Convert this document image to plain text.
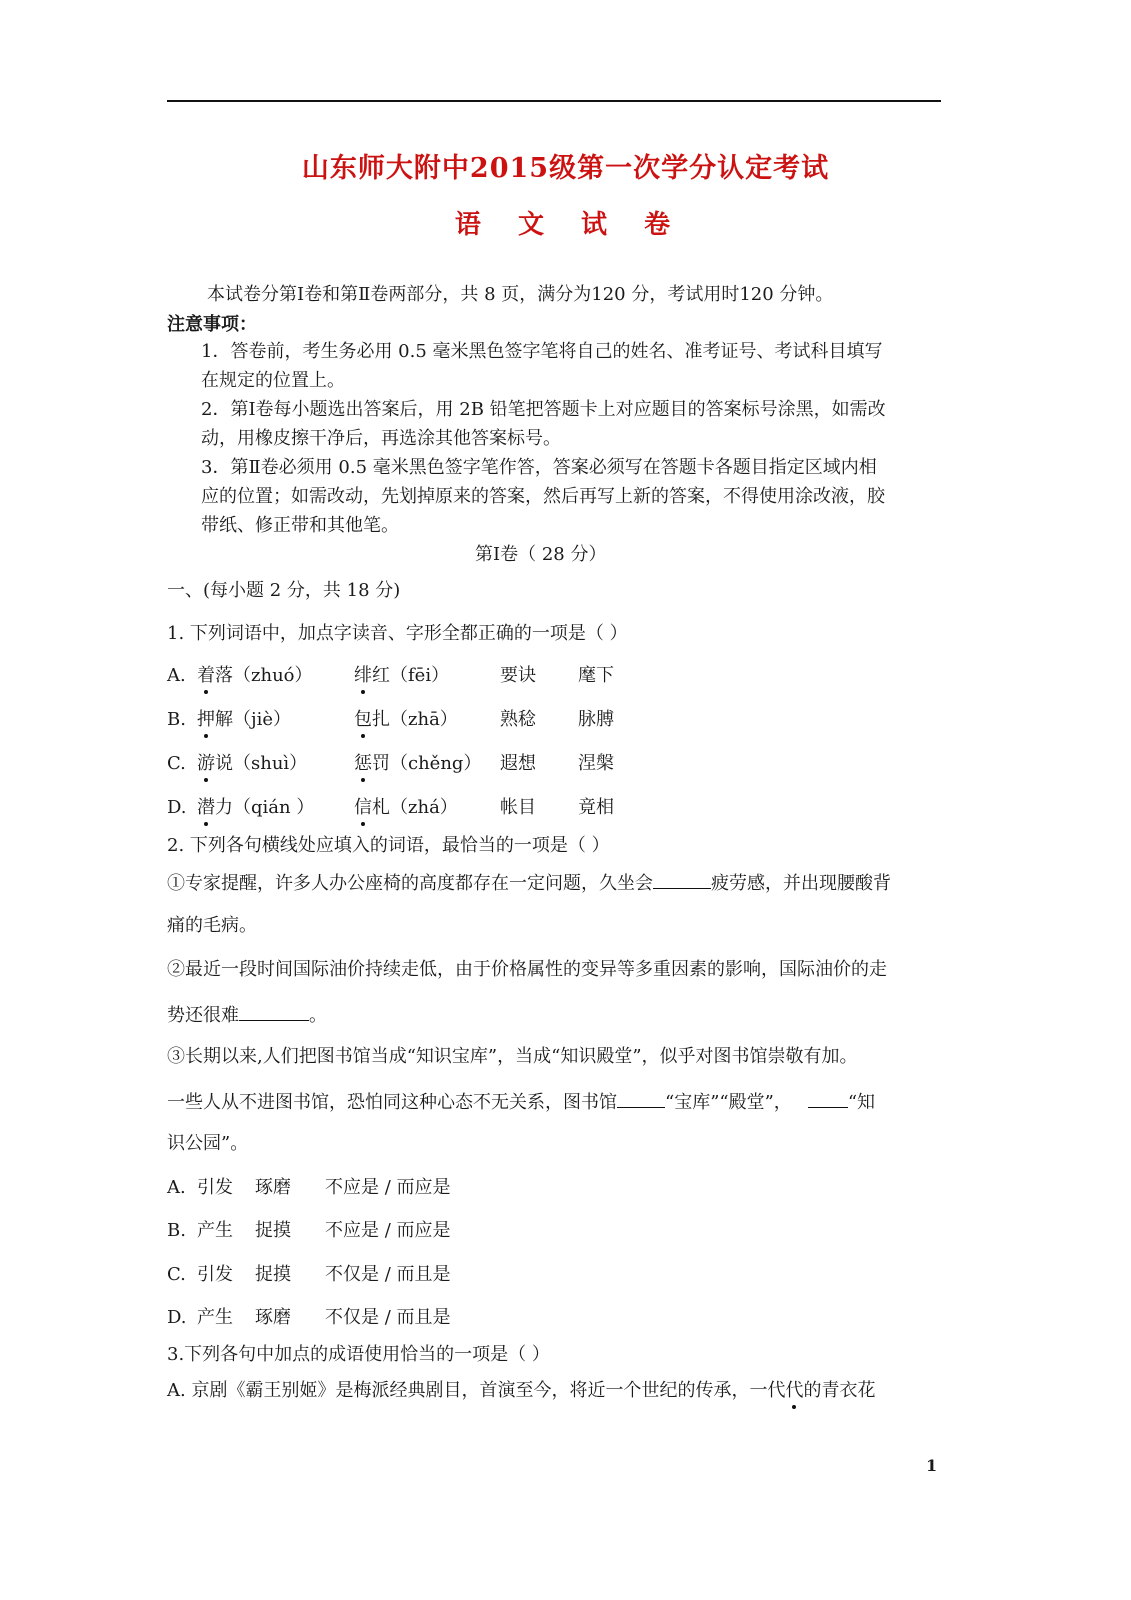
山东师大附中2015级第一次学分认定考试
语 文 试 卷
本试卷分第Ⅰ卷和第Ⅱ卷两部分，共 8 页，满分为120 分，考试用时120 分钟。
注意事项：
1．答卷前，考生务必用 0.5 毫米黑色签字笔将自己的姓名、准考证号、考试科目填写
在规定的位置上。
2．第Ⅰ卷每小题选出答案后，用 2B 铅笔把答题卡上对应题目的答案标号涂黑，如需改
动，用橡皮擦干净后，再选涂其他答案标号。
3．第Ⅱ卷必须用 0.5 毫米黑色签字笔作答，答案必须写在答题卡各题目指定区域内相
应的位置；如需改动，先划掉原来的答案，然后再写上新的答案，不得使用涂改液，胶
带纸、修正带和其他笔。
第Ⅰ卷（ 28 分）
一、(每小题 2 分，共 18 分)
1. 下列词语中，加点字读音、字形全都正确的一项是（ ）
A. 着落（zhuó） 绯红（fēi）	要诀 麾下
B. 押解（jiè）	包扎（zhā） 熟稔 脉膊
C. 游说（shuì）	惩罚（chěng） 遐想 涅槃
D. 潜力（qián ） 信札（zhá） 帐目 竟相
2. 下列各句横线处应填入的词语，最恰当的一项是（ ）
①专家提醒，许多人办公座椅的高度都存在一定问题，久坐会	疲劳感，并出现腰酸背
痛的毛病。
②最近一段时间国际油价持续走低，由于价格属性的变异等多重因素的影响，国际油价的走
势还很难	。
③长期以来,人们把图书馆当成“知识宝库”，当成“知识殿堂”，似乎对图书馆崇敬有加。
一些人从不进图书馆，恐怕同这种心态不无关系，图书馆	“宝库”“殿堂”，	“知
识公园”。
A. 引发 琢磨 不应是 / 而应是
B. 产生 捉摸 不应是 / 而应是
C. 引发 捉摸 不仅是 / 而且是
D. 产生 琢磨 不仅是 / 而且是
3.下列各句中加点的成语使用恰当的一项是（ ）
A. 京剧《霸王别姬》是梅派经典剧目，首演至今，将近一个世纪的传承，一代代的青衣花
1
